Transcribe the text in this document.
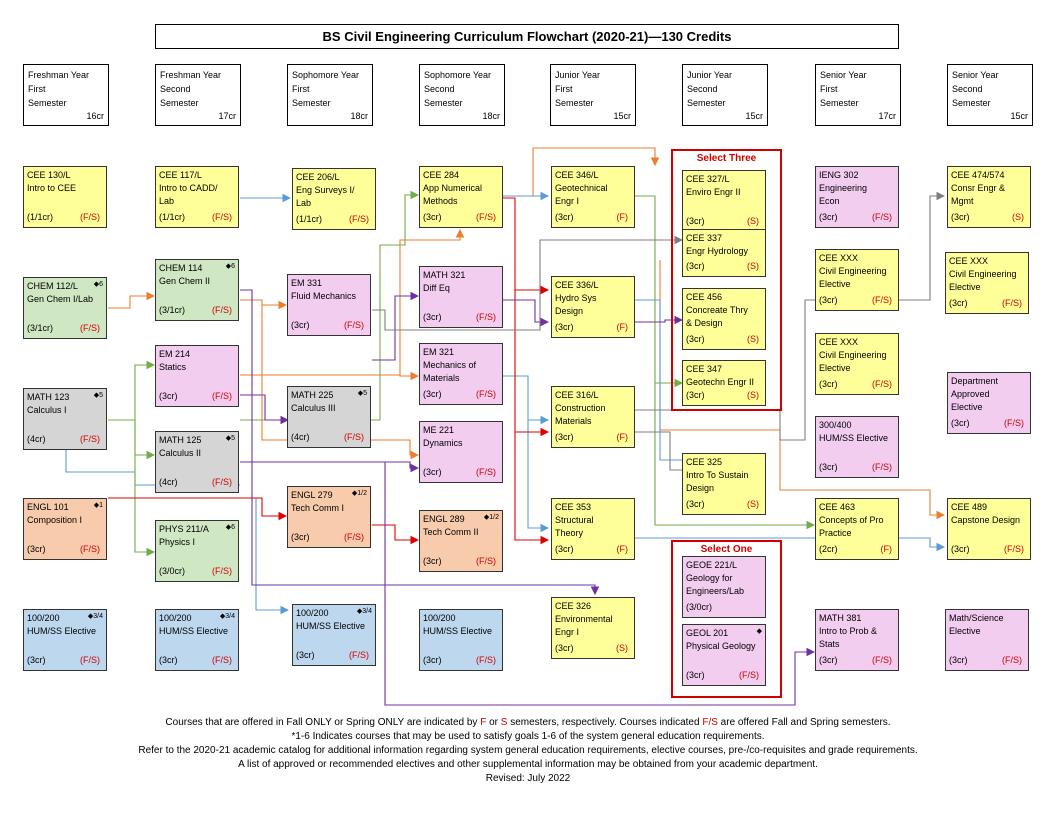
BS Civil Engineering Curriculum Flowchart (2020-21)—130 Credits
Freshman Year
First
Semester
16cr
Freshman Year
Second
Semester
17cr
Sophomore Year
First
Semester
18cr
Sophomore Year
Second
Semester
18cr
Junior Year
First
Semester
15cr
Junior Year
Second
Semester
15cr
Senior Year
First
Semester
17cr
Senior Year
Second
Semester
15cr
Select Three
Select One
CEE 130/L
Intro to CEE
(1/1cr)	(F/S)
CHEM 112/L
Gen Chem I/Lab
◆6
(3/1cr)	(F/S)
MATH 123
Calculus I
◆5
(4cr)	(F/S)
ENGL 101
Composition I
◆1
(3cr)	(F/S)
100/200
HUM/SS Elective
◆3/4
(3cr)	(F/S)
CEE 117/L
Intro to CADD/
Lab
(1/1cr)	(F/S)
CHEM 114
Gen Chem II
◆6
(3/1cr)	(F/S)
EM 214
Statics
(3cr)	(F/S)
MATH 125
Calculus II
◆5
(4cr)	(F/S)
PHYS 211/A
Physics I
◆6
(3/0cr)	(F/S)
100/200
HUM/SS Elective
◆3/4
(3cr)	(F/S)
CEE 206/L
Eng Surveys I/
Lab
(1/1cr)	(F/S)
EM 331
Fluid Mechanics
(3cr)	(F/S)
MATH 225
Calculus III
◆5
(4cr)	(F/S)
ENGL 279
Tech Comm I
◆1/2
(3cr)	(F/S)
100/200
HUM/SS Elective
◆3/4
(3cr)	(F/S)
CEE 284
App Numerical
Methods
(3cr)	(F/S)
MATH 321
Diff Eq
(3cr)	(F/S)
EM 321
Mechanics of
Materials
(3cr)	(F/S)
ME 221
Dynamics
(3cr)	(F/S)
ENGL 289
Tech Comm II
◆1/2
(3cr)	(F/S)
100/200
HUM/SS Elective
(3cr)	(F/S)
CEE 346/L
Geotechnical
Engr I
(3cr)	(F)
CEE 336/L
Hydro Sys
Design
(3cr)	(F)
CEE 316/L
Construction
Materials
(3cr)	(F)
CEE 353
Structural
Theory
(3cr)	(F)
CEE 326
Environmental
Engr I
(3cr)	(S)
CEE 327/L
Enviro Engr II
(3cr)	(S)
CEE 337
Engr Hydrology
(3cr)	(S)
CEE 456
Concreate Thry
& Design
(3cr)	(S)
CEE 347
Geotechn Engr II
(3cr)	(S)
CEE 325
Intro To Sustain
Design
(3cr)	(S)
GEOE 221/L
Geology for
Engineers/Lab
(3/0cr)
GEOL 201
Physical Geology
◆
(3cr)	(F/S)
IENG 302
Engineering
Econ
(3cr)	(F/S)
CEE XXX
Civil Engineering
Elective
(3cr)	(F/S)
CEE XXX
Civil Engineering
Elective
(3cr)	(F/S)
300/400
HUM/SS Elective
(3cr)	(F/S)
CEE 463
Concepts of Pro
Practice
(2cr)	(F)
MATH 381
Intro to Prob &
Stats
(3cr)	(F/S)
CEE 474/574
Consr Engr &
Mgmt
(3cr)	(S)
CEE XXX
Civil Engineering
Elective
(3cr)	(F/S)
Department
Approved
Elective
(3cr)	(F/S)
CEE 489
Capstone Design
(3cr)	(F/S)
Math/Science
Elective
(3cr)	(F/S)
Courses that are offered in Fall ONLY or Spring ONLY are indicated by F or S semesters, respectively. Courses indicated F/S are offered Fall and Spring semesters.
*1-6 Indicates courses that may be used to satisfy goals 1-6 of the system general education requirements.
Refer to the 2020-21 academic catalog for additional information regarding system general education requirements, elective courses, pre-/co-requisites and grade requirements.
A list of approved or recommended electives and other supplemental information may be obtained from your academic department.
Revised: July 2022
